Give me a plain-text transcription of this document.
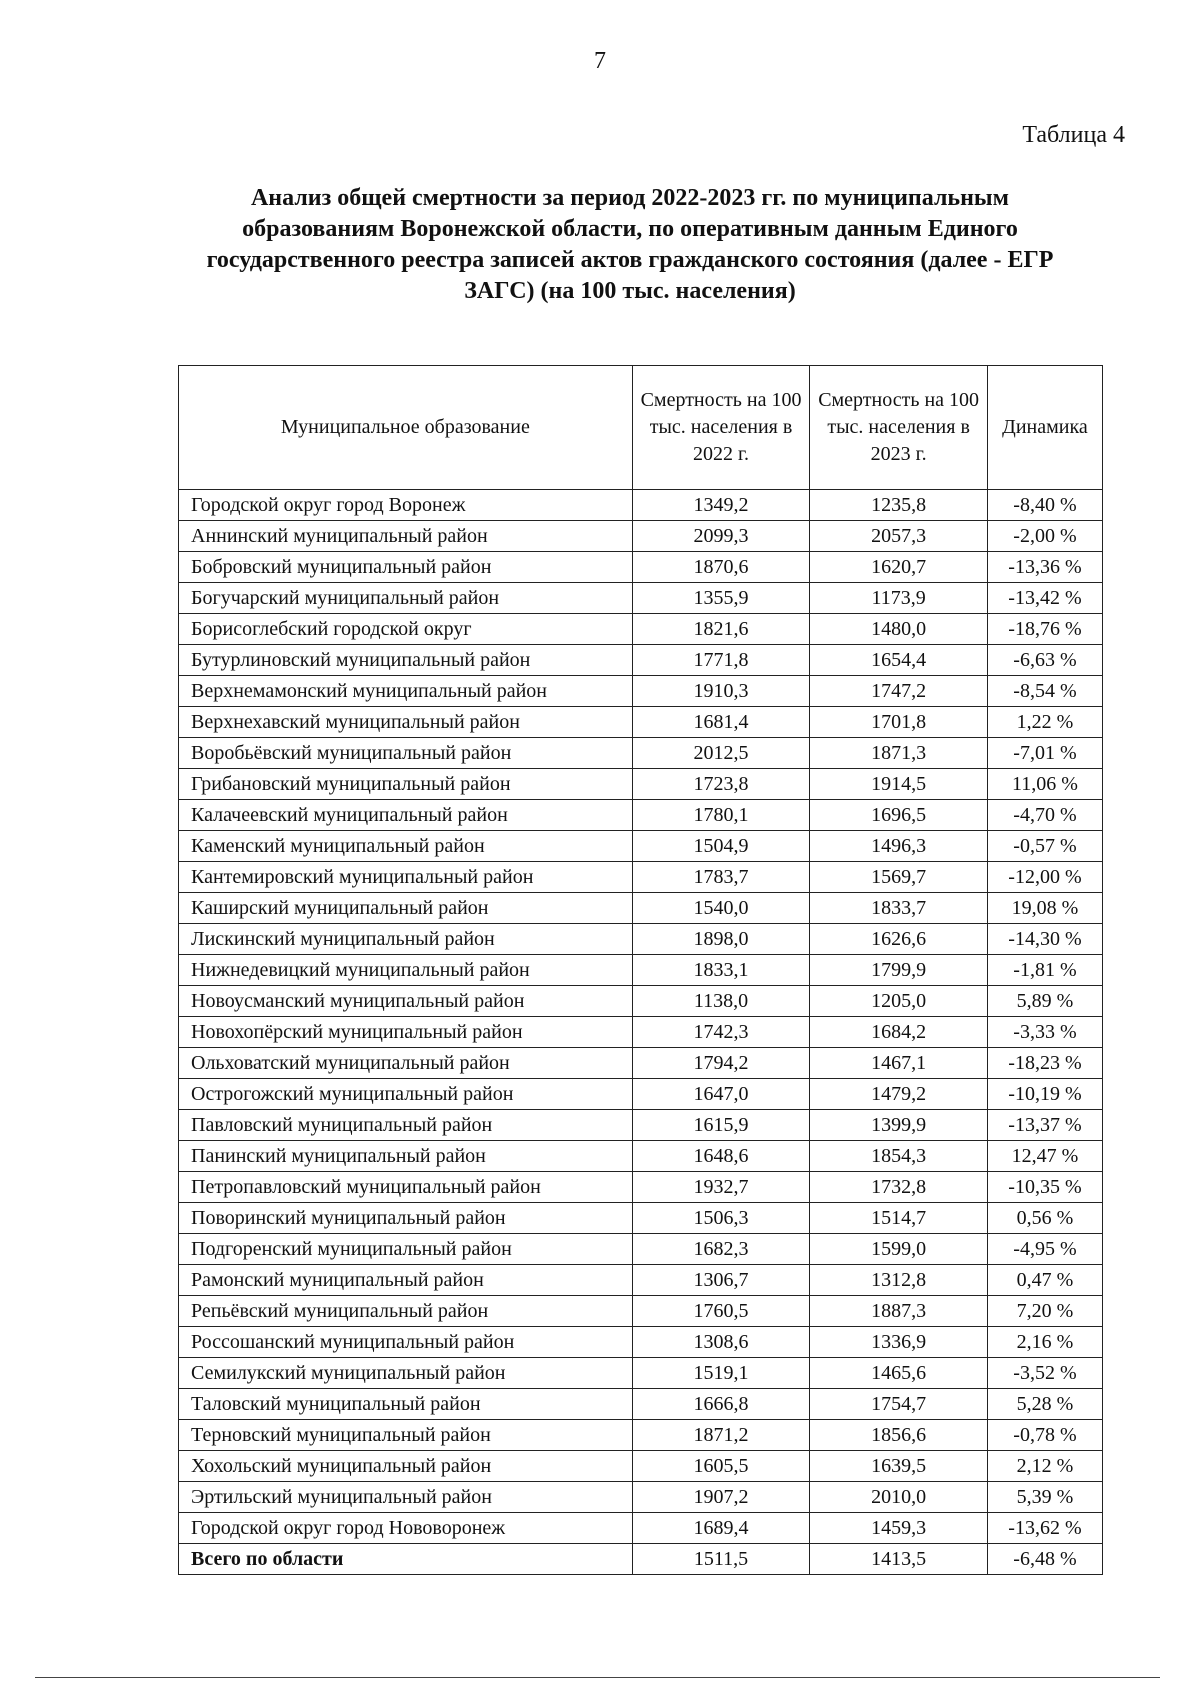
7
Таблица 4
Анализ общей смертности за период 2022-2023 гг. по муниципальным образованиям Воронежской области, по оперативным данным Единого государственного реестра записей актов гражданского состояния (далее - ЕГР ЗАГС) (на 100 тыс. населения)
Муниципальное образование	Смертность на 100 тыс. населения в 2022 г.	Смертность на 100 тыс. населения в 2023 г.	Динамика
Городской округ город Воронеж	1349,2	1235,8	-8,40 %
Аннинский муниципальный район	2099,3	2057,3	-2,00 %
Бобровский муниципальный район	1870,6	1620,7	-13,36 %
Богучарский муниципальный район	1355,9	1173,9	-13,42 %
Борисоглебский городской округ	1821,6	1480,0	-18,76 %
Бутурлиновский муниципальный район	1771,8	1654,4	-6,63 %
Верхнемамонский муниципальный район	1910,3	1747,2	-8,54 %
Верхнехавский муниципальный район	1681,4	1701,8	1,22 %
Воробьёвский муниципальный район	2012,5	1871,3	-7,01 %
Грибановский муниципальный район	1723,8	1914,5	11,06 %
Калачеевский муниципальный район	1780,1	1696,5	-4,70 %
Каменский муниципальный район	1504,9	1496,3	-0,57 %
Кантемировский муниципальный район	1783,7	1569,7	-12,00 %
Каширский муниципальный район	1540,0	1833,7	19,08 %
Лискинский муниципальный район	1898,0	1626,6	-14,30 %
Нижнедевицкий муниципальный район	1833,1	1799,9	-1,81 %
Новоусманский муниципальный район	1138,0	1205,0	5,89 %
Новохопёрский муниципальный район	1742,3	1684,2	-3,33 %
Ольховатский муниципальный район	1794,2	1467,1	-18,23 %
Острогожский муниципальный район	1647,0	1479,2	-10,19 %
Павловский муниципальный район	1615,9	1399,9	-13,37 %
Панинский муниципальный район	1648,6	1854,3	12,47 %
Петропавловский муниципальный район	1932,7	1732,8	-10,35 %
Поворинский муниципальный район	1506,3	1514,7	0,56 %
Подгоренский муниципальный район	1682,3	1599,0	-4,95 %
Рамонский муниципальный район	1306,7	1312,8	0,47 %
Репьёвский муниципальный район	1760,5	1887,3	7,20 %
Россошанский муниципальный район	1308,6	1336,9	2,16 %
Семилукский муниципальный район	1519,1	1465,6	-3,52 %
Таловский муниципальный район	1666,8	1754,7	5,28 %
Терновский муниципальный район	1871,2	1856,6	-0,78 %
Хохольский муниципальный район	1605,5	1639,5	2,12 %
Эртильский муниципальный район	1907,2	2010,0	5,39 %
Городской округ город Нововоронеж	1689,4	1459,3	-13,62 %
Всего по области	1511,5	1413,5	-6,48 %
